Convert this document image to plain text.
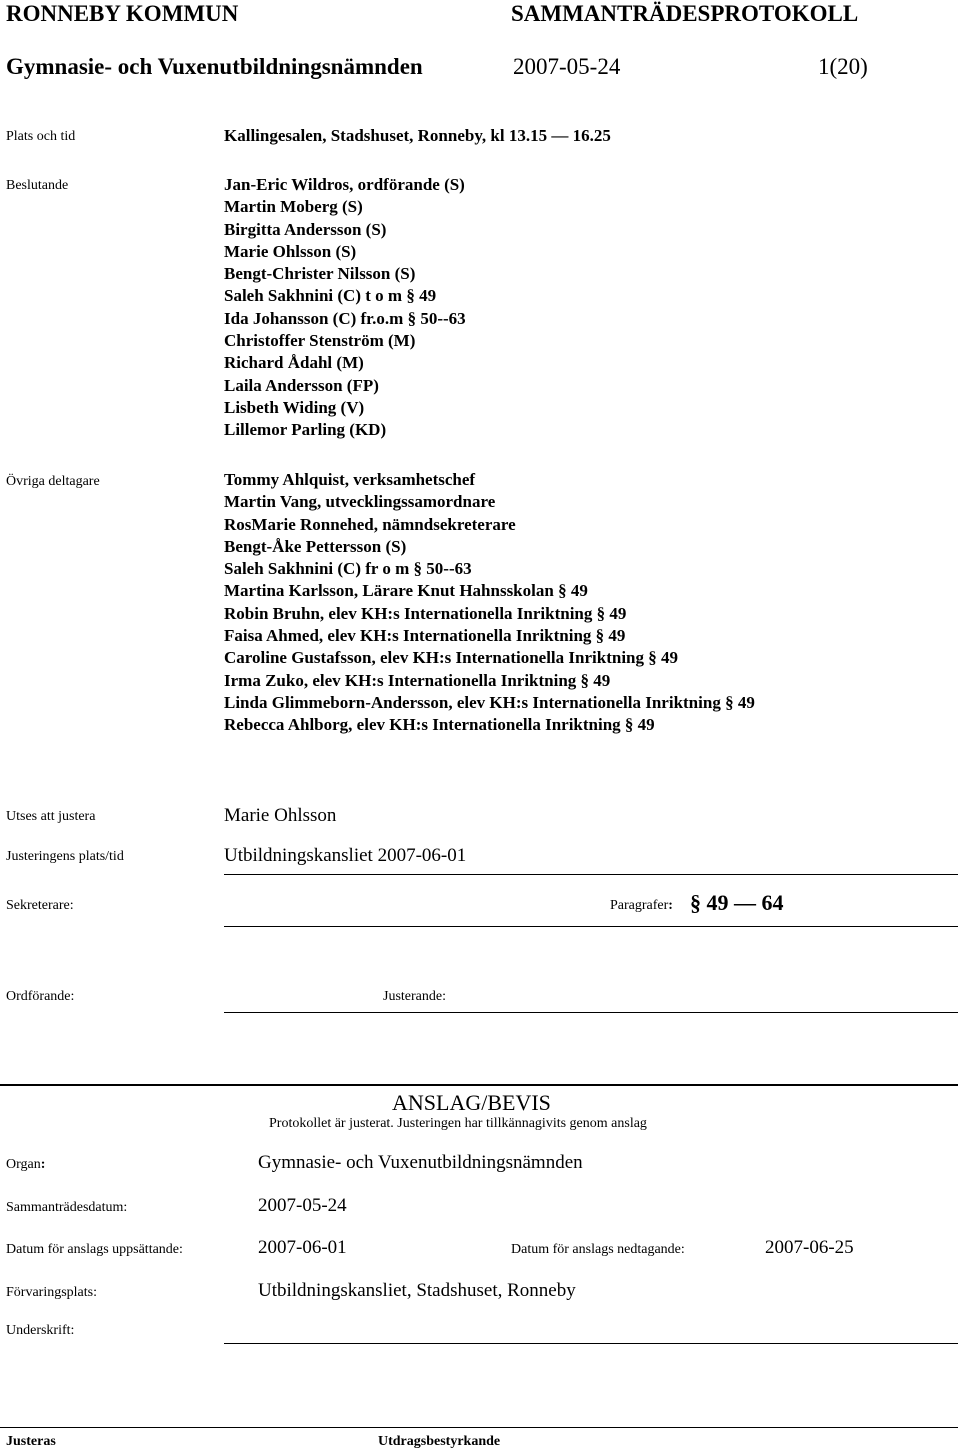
RONNEBY KOMMUN	SAMMANTRÄDESPROTOKOLL
Gymnasie- och Vuxenutbildningsnämnden	2007-05-24	1(20)
Plats och tid	Kallingesalen, Stadshuset, Ronneby, kl 13.15 — 16.25
Beslutande	Jan-Eric Wildros, ordförande (S)
Martin Moberg (S)
Birgitta Andersson (S)
Marie Ohlsson (S)
Bengt-Christer Nilsson (S)
Saleh Sakhnini (C) t o m § 49
Ida Johansson (C) fr.o.m § 50--63
Christoffer Stenström (M)
Richard Ådahl (M)
Laila Andersson (FP)
Lisbeth Widing (V)
Lillemor Parling (KD)
Övriga deltagare	Tommy Ahlquist, verksamhetschef
Martin Vang, utvecklingssamordnare
RosMarie Ronnehed, nämndsekreterare
Bengt-Åke Pettersson (S)
Saleh Sakhnini (C) fr o m § 50--63
Martina Karlsson, Lärare Knut Hahnsskolan § 49
Robin Bruhn, elev KH:s Internationella Inriktning § 49
Faisa Ahmed, elev KH:s Internationella Inriktning § 49
Caroline Gustafsson, elev KH:s Internationella Inriktning § 49
Irma Zuko, elev KH:s Internationella Inriktning § 49
Linda Glimmeborn-Andersson, elev KH:s Internationella Inriktning § 49
Rebecca Ahlborg, elev KH:s Internationella Inriktning § 49
Utses att justera	Marie Ohlsson
Justeringens plats/tid	Utbildningskansliet 2007-06-01
Sekreterare:	Paragrafer: § 49 — 64
Ordförande:	Justerande:
ANSLAG/BEVIS
Protokollet är justerat. Justeringen har tillkännagivits genom anslag
Organ:	Gymnasie- och Vuxenutbildningsnämnden
Sammanträdesdatum:	2007-05-24
Datum för anslags uppsättande:	2007-06-01	Datum för anslags nedtagande:	2007-06-25
Förvaringsplats:	Utbildningskansliet, Stadshuset, Ronneby
Underskrift:
Justeras	Utdragsbestyrkande
